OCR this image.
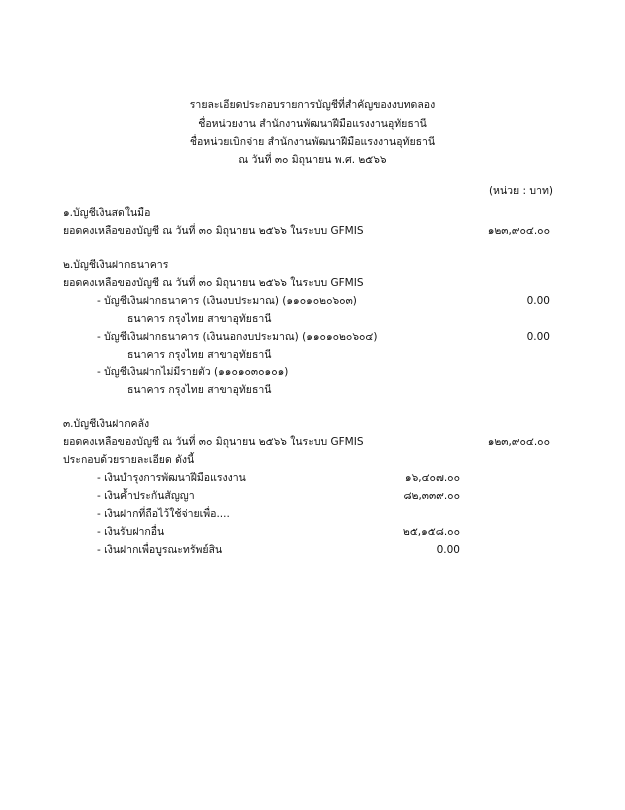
รายละเอียดประกอบรายการบัญชีที่สำคัญของงบทดลอง
ชื่อหน่วยงาน สำนักงานพัฒนาฝีมือแรงงานอุทัยธานี
ชื่อหน่วยเบิกจ่าย สำนักงานพัฒนาฝีมือแรงงานอุทัยธานี
ณ วันที่ ๓๐ มิถุนายน พ.ศ. ๒๕๖๖
(หน่วย : บาท)
๑.บัญชีเงินสดในมือ
ยอดคงเหลือของบัญชี ณ วันที่ ๓๐ มิถุนายน ๒๕๖๖ ในระบบ GFMIS	๑๒๓,๙๐๔.๐๐
๒.บัญชีเงินฝากธนาคาร
ยอดคงเหลือของบัญชี ณ วันที่ ๓๐ มิถุนายน ๒๕๖๖ ในระบบ GFMIS
- บัญชีเงินฝากธนาคาร (เงินงบประมาณ) (๑๑๐๑๐๒๐๖๐๓)	0.00
ธนาคาร กรุงไทย สาขาอุทัยธานี
- บัญชีเงินฝากธนาคาร (เงินนอกงบประมาณ) (๑๑๐๑๐๒๐๖๐๔)	0.00
ธนาคาร กรุงไทย สาขาอุทัยธานี
- บัญชีเงินฝากไม่มีรายตัว (๑๑๐๑๐๓๐๑๐๑)
ธนาคาร กรุงไทย สาขาอุทัยธานี
๓.บัญชีเงินฝากคลัง
ยอดคงเหลือของบัญชี ณ วันที่ ๓๐ มิถุนายน ๒๕๖๖ ในระบบ GFMIS	๑๒๓,๙๐๔.๐๐
ประกอบด้วยรายละเอียด ดังนี้
- เงินบำรุงการพัฒนาฝีมือแรงงาน	๑๖,๔๐๗.๐๐
- เงินค้ำประกันสัญญา	๘๒,๓๓๙.๐๐
- เงินฝากที่ถือไว้ใช้จ่ายเพื่อ....
- เงินรับฝากอื่น	๒๕,๑๕๘.๐๐
- เงินฝากเพื่อบูรณะทรัพย์สิน	0.00
